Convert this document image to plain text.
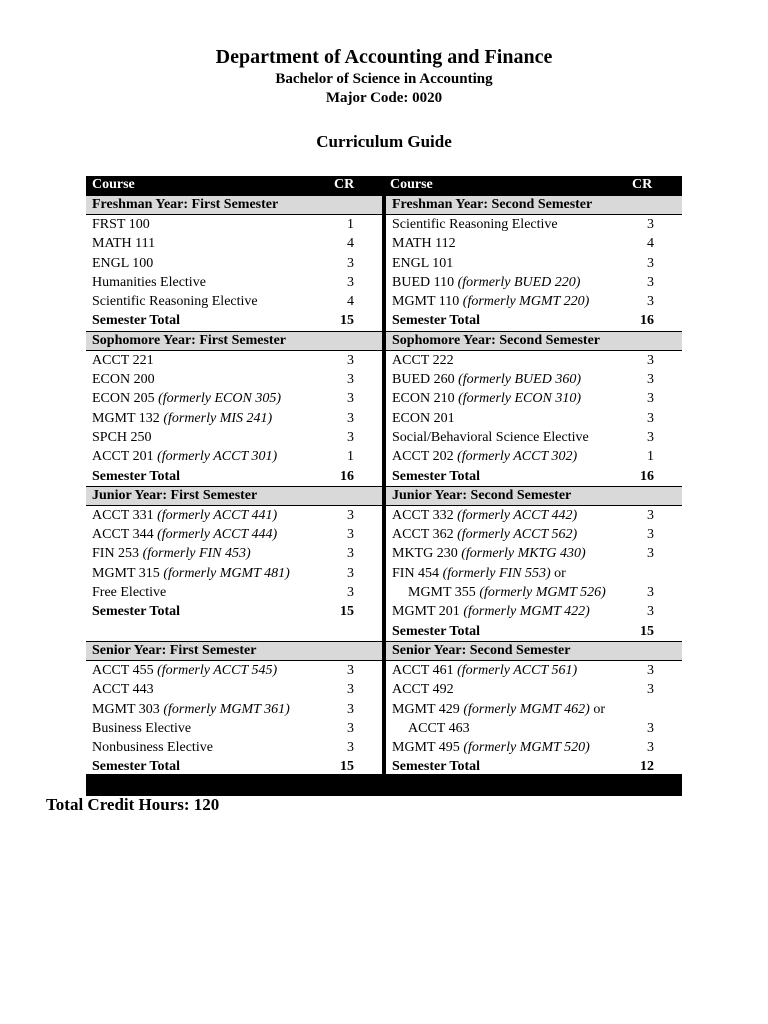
Department of Accounting and Finance
Bachelor of Science in Accounting
Major Code: 0020
Curriculum Guide
Course	CR	Course	CR
Freshman Year: First Semester
FRST 100	1
MATH 111	4
ENGL 100	3
Humanities Elective	3
Scientific Reasoning Elective	4
Semester Total	15
Sophomore Year: First Semester
ACCT 221	3
ECON 200	3
ECON 205 (formerly ECON 305)	3
MGMT 132 (formerly MIS 241)	3
SPCH 250	3
ACCT 201 (formerly ACCT 301)	1
Semester Total	16
Junior Year: First Semester
ACCT 331 (formerly ACCT 441)	3
ACCT 344 (formerly ACCT 444)	3
FIN 253 (formerly FIN 453)	3
MGMT 315 (formerly MGMT 481)	3
Free Elective	3
Semester Total	15
Senior Year: First Semester
ACCT 455 (formerly ACCT 545)	3
ACCT 443	3
MGMT 303 (formerly MGMT 361)	3
Business Elective	3
Nonbusiness Elective	3
Semester Total	15
Freshman Year: Second Semester
Scientific Reasoning Elective	3
MATH 112	4
ENGL 101	3
BUED 110 (formerly BUED 220)	3
MGMT 110 (formerly MGMT 220)	3
Semester Total	16
Sophomore Year: Second Semester
ACCT 222	3
BUED 260 (formerly BUED 360)	3
ECON 210 (formerly ECON 310)	3
ECON 201	3
Social/Behavioral Science Elective	3
ACCT 202 (formerly ACCT 302)	1
Semester Total	16
Junior Year: Second Semester
ACCT 332 (formerly ACCT 442)	3
ACCT 362 (formerly ACCT 562)	3
MKTG 230 (formerly MKTG 430)	3
FIN 454 (formerly FIN 553) or
MGMT 355 (formerly MGMT 526)	3
MGMT 201 (formerly MGMT 422)	3
Semester Total	15
Senior Year: Second Semester
ACCT 461 (formerly ACCT 561)	3
ACCT 492	3
MGMT 429 (formerly MGMT 462) or
ACCT 463	3
MGMT 495 (formerly MGMT 520)	3
Semester Total	12
Total Credit Hours: 120
